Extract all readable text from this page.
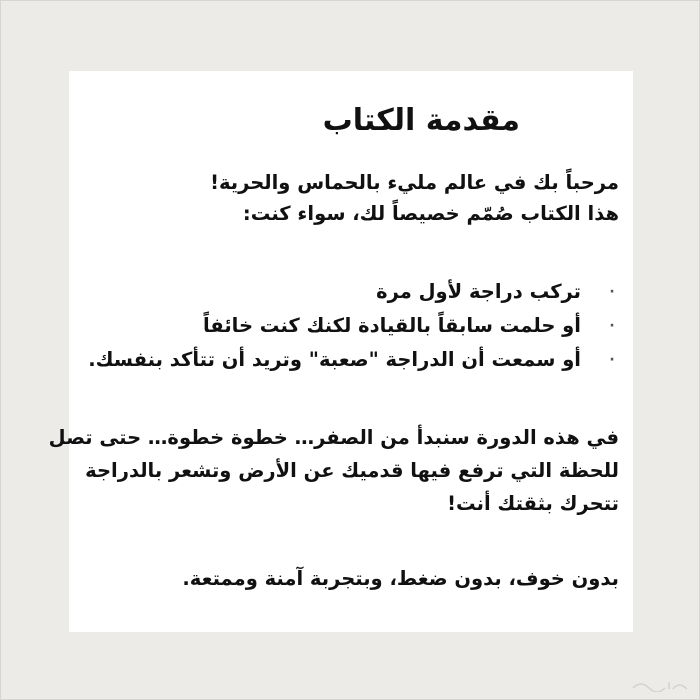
مقدمة الكتاب

مرحباً بك في عالم مليء بالحماس والحرية!
هذا الكتاب صُمّم خصيصاً لك، سواء كنت:

·
تركب دراجة لأول مرة
·
أو حلمت سابقاً بالقيادة لكنك كنت خائفاً
·
أو سمعت أن الدراجة "صعبة" وتريد أن تتأكد بنفسك.

في هذه الدورة سنبدأ من الصفر… خطوة خطوة… حتى تصل
للحظة التي ترفع فيها قدميك عن الأرض وتشعر بالدراجة
تتحرك بثقتك أنت!

بدون خوف، بدون ضغط، وبتجربة آمنة وممتعة.
